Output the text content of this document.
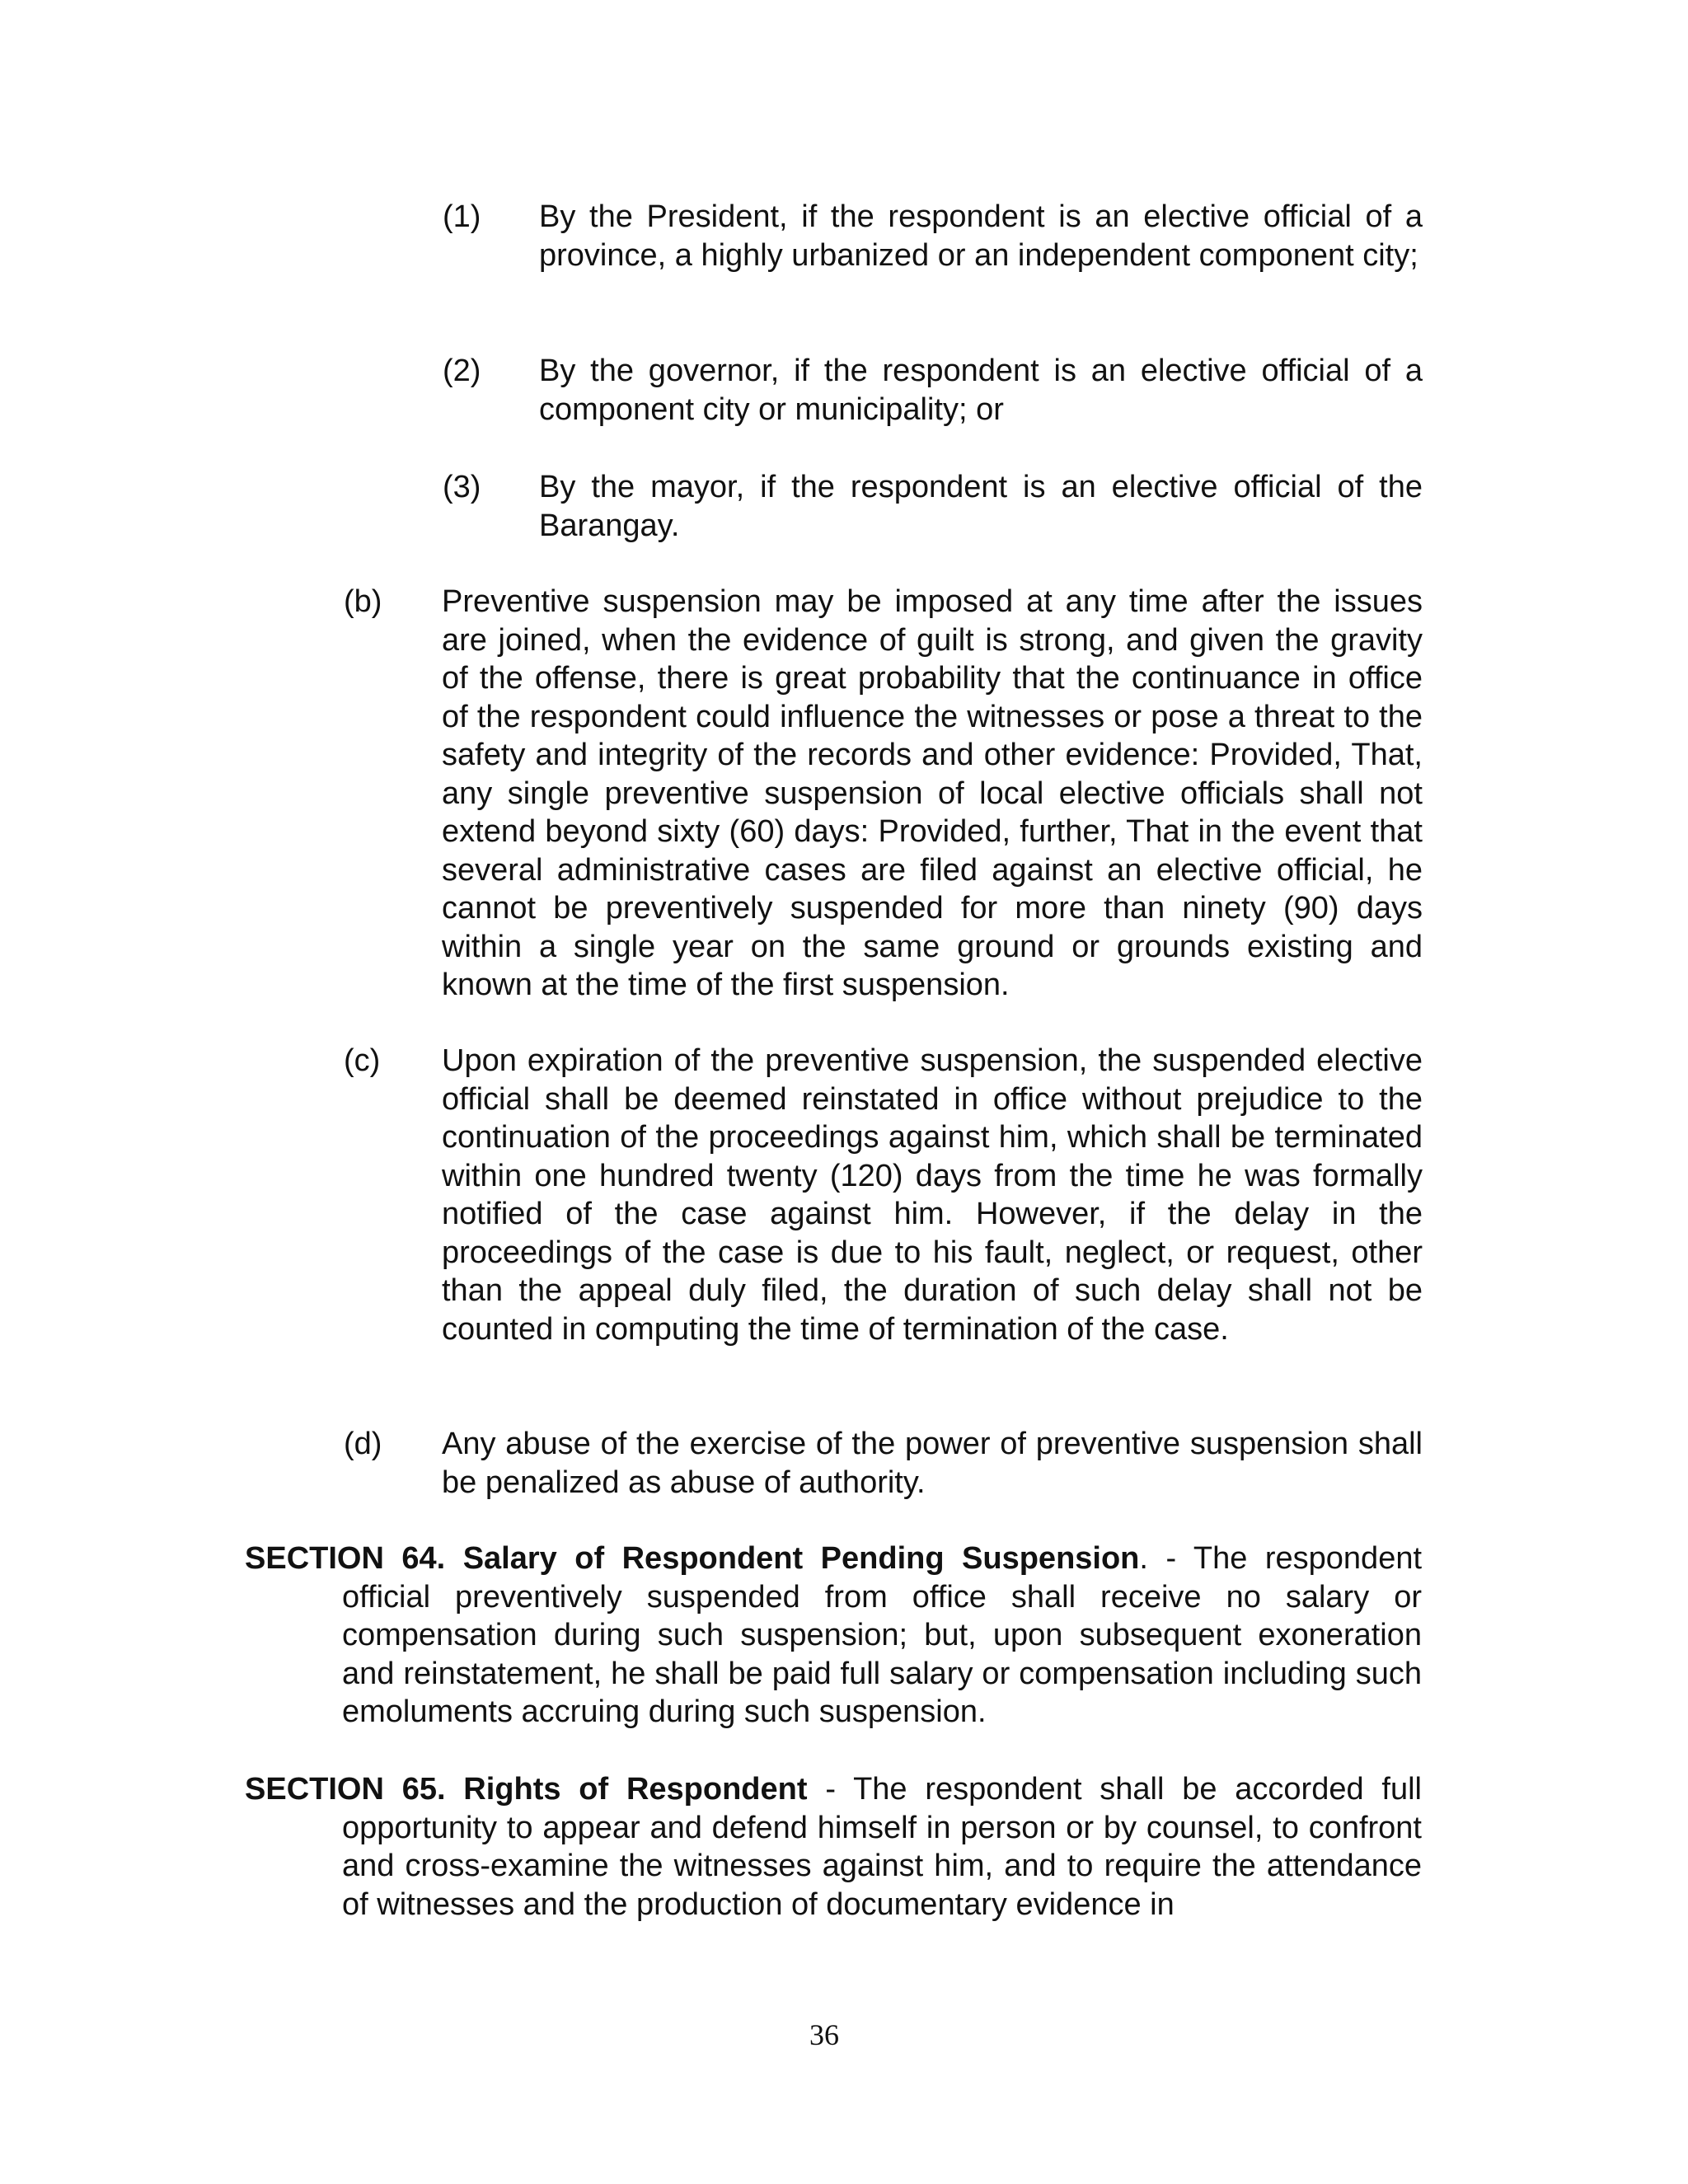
(1) By the President, if the respondent is an elective official of a province, a highly urbanized or an independent component city;
(2) By the governor, if the respondent is an elective official of a component city or municipality; or
(3) By the mayor, if the respondent is an elective official of the Barangay.
(b) Preventive suspension may be imposed at any time after the issues are joined, when the evidence of guilt is strong, and given the gravity of the offense, there is great probability that the continuance in office of the respondent could influence the witnesses or pose a threat to the safety and integrity of the records and other evidence: Provided, That, any single preventive suspension of local elective officials shall not extend beyond sixty (60) days: Provided, further, That in the event that several administrative cases are filed against an elective official, he cannot be preventively suspended for more than ninety (90) days within a single year on the same ground or grounds existing and known at the time of the first suspension.
(c) Upon expiration of the preventive suspension, the suspended elective official shall be deemed reinstated in office without prejudice to the continuation of the proceedings against him, which shall be terminated within one hundred twenty (120) days from the time he was formally notified of the case against him. However, if the delay in the proceedings of the case is due to his fault, neglect, or request, other than the appeal duly filed, the duration of such delay shall not be counted in computing the time of termination of the case.
(d) Any abuse of the exercise of the power of preventive suspension shall be penalized as abuse of authority.
SECTION 64. Salary of Respondent Pending Suspension. - The respondent official preventively suspended from office shall receive no salary or compensation during such suspension; but, upon subsequent exoneration and reinstatement, he shall be paid full salary or compensation including such emoluments accruing during such suspension.
SECTION 65. Rights of Respondent - The respondent shall be accorded full opportunity to appear and defend himself in person or by counsel, to confront and cross-examine the witnesses against him, and to require the attendance of witnesses and the production of documentary evidence in
36
